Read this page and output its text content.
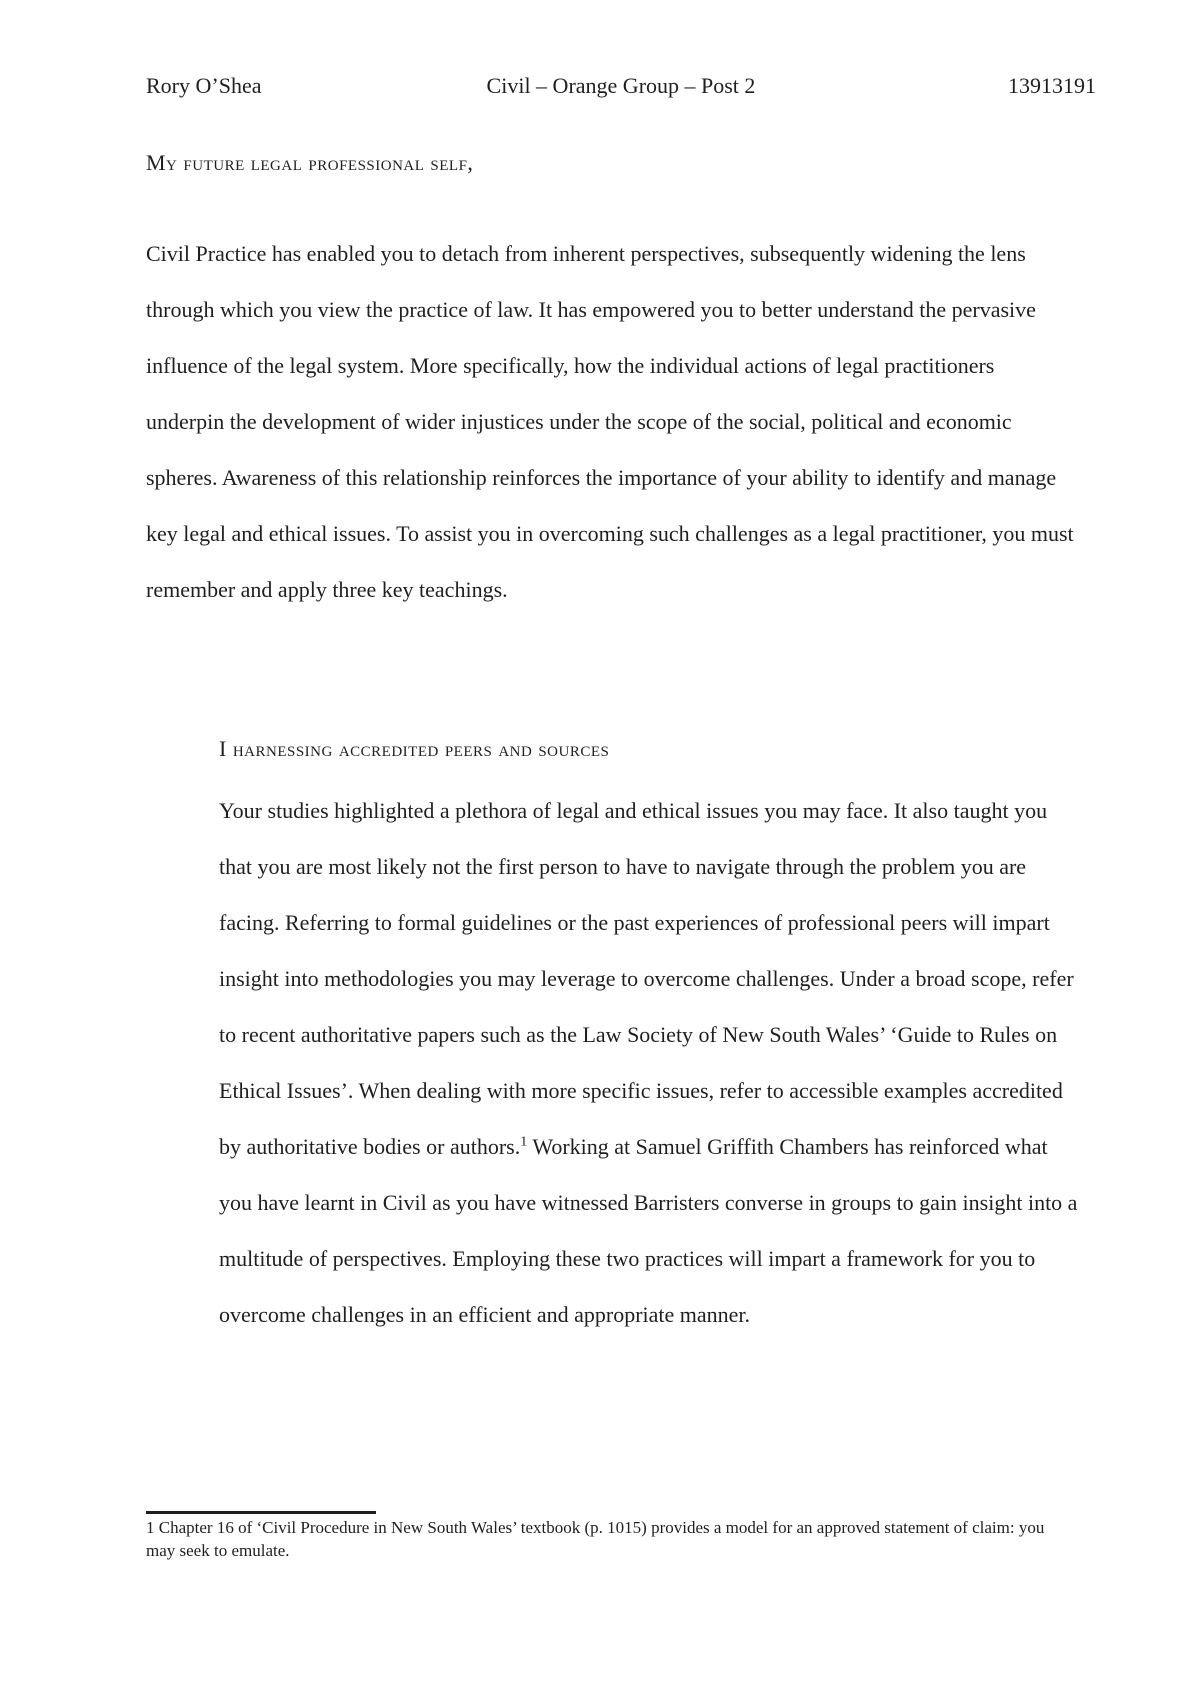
Rory O’Shea	Civil – Orange Group – Post 2	13913191
My future legal professional self,

Civil Practice has enabled you to detach from inherent perspectives, subsequently widening the lens through which you view the practice of law. It has empowered you to better understand the pervasive influence of the legal system. More specifically, how the individual actions of legal practitioners underpin the development of wider injustices under the scope of the social, political and economic spheres. Awareness of this relationship reinforces the importance of your ability to identify and manage key legal and ethical issues. To assist you in overcoming such challenges as a legal practitioner, you must remember and apply three key teachings.

I harnessing accredited peers and sources

Your studies highlighted a plethora of legal and ethical issues you may face. It also taught you that you are most likely not the first person to have to navigate through the problem you are facing. Referring to formal guidelines or the past experiences of professional peers will impart insight into methodologies you may leverage to overcome challenges. Under a broad scope, refer to recent authoritative papers such as the Law Society of New South Wales’ ‘Guide to Rules on Ethical Issues’. When dealing with more specific issues, refer to accessible examples accredited by authoritative bodies or authors.$^1$ Working at Samuel Griffith Chambers has reinforced what you have learnt in Civil as you have witnessed Barristers converse in groups to gain insight into a multitude of perspectives. Employing these two practices will impart a framework for you to overcome challenges in an efficient and appropriate manner.

1 Chapter 16 of ‘Civil Procedure in New South Wales’ textbook (p. 1015) provides a model for an approved statement of claim: you may seek to emulate.
